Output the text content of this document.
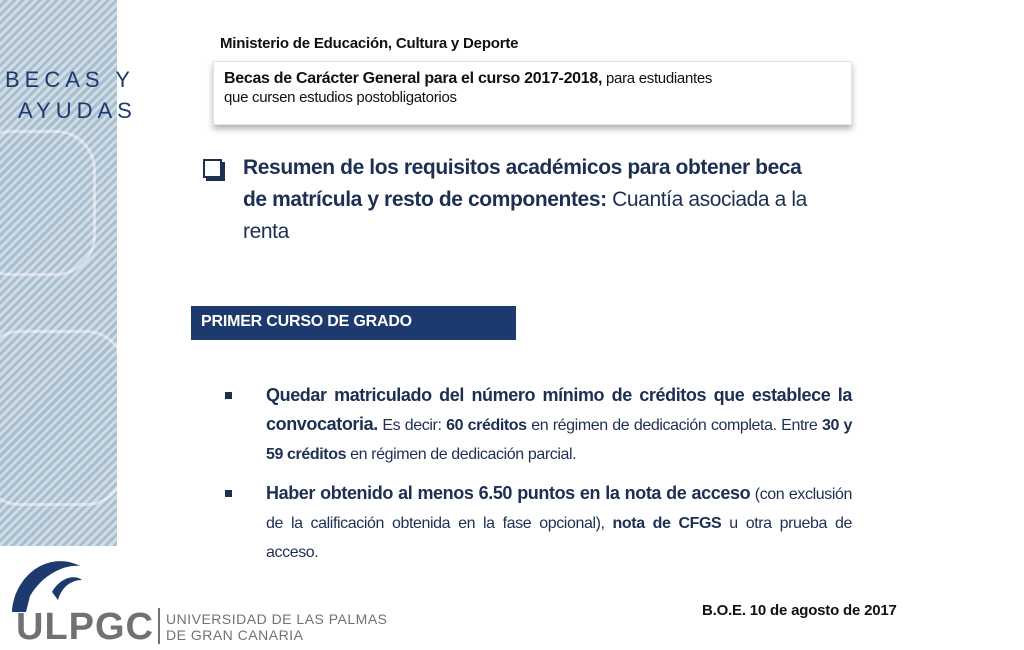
BECAS Y
AYUDAS
Ministerio de Educación, Cultura y Deporte
Becas de Carácter General para el curso 2017-2018, para estudiantes
que cursen estudios postobligatorios
Resumen de los requisitos académicos para obtener beca de matrícula y resto de componentes: Cuantía asociada a la renta
PRIMER CURSO DE GRADO
Quedar matriculado del número mínimo de créditos que establece la convocatoria. Es decir: 60 créditos en régimen de dedicación completa. Entre 30 y 59 créditos en régimen de dedicación parcial.
Haber obtenido al menos 6.50 puntos en la nota de acceso (con exclusión de la calificación obtenida en la fase opcional), nota de CFGS u otra prueba de acceso.
B.O.E. 10 de agosto de 2017
ULPGC UNIVERSIDAD DE LAS PALMAS
DE GRAN CANARIA
